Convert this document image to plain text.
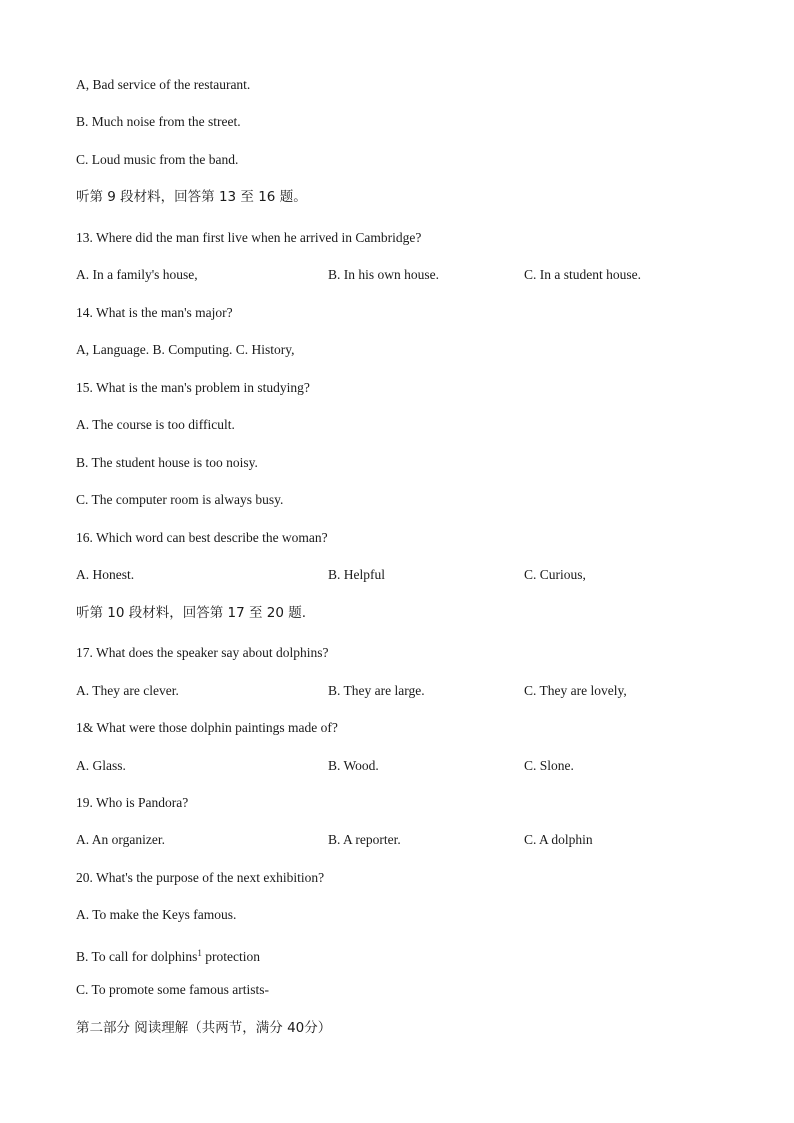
A, Bad service of the restaurant.
B. Much noise from the street.
C. Loud music from the band.
听第 9 段材料，回答第 13 至 16 题。
13. Where did the man first live when he arrived in Cambridge?
A. In a family's house,	B. In his own house.	C. In a student house.
14. What is the man's major?
A, Language. B. Computing. C. History,
15. What is the man's problem in studying?
A. The course is too difficult.
B. The student house is too noisy.
C. The computer room is always busy.
16. Which word can best describe the woman?
A. Honest.	B. Helpful	C. Curious,
听第 10 段材料，回答第 17 至 20 题.
17. What does the speaker say about dolphins?
A. They are clever.	B. They are large.	C. They are lovely,
1& What were those dolphin paintings made of?
A. Glass.	B. Wood.	C. Slone.
19. Who is Pandora?
A. An organizer.	B. A reporter.	C. A dolphin
20. What's the purpose of the next exhibition?
A. To make the Keys famous.
B. To call for dolphins$^1$ protection
C. To promote some famous artists-
第二部分 阅读理解（共两节，满分 40分）
